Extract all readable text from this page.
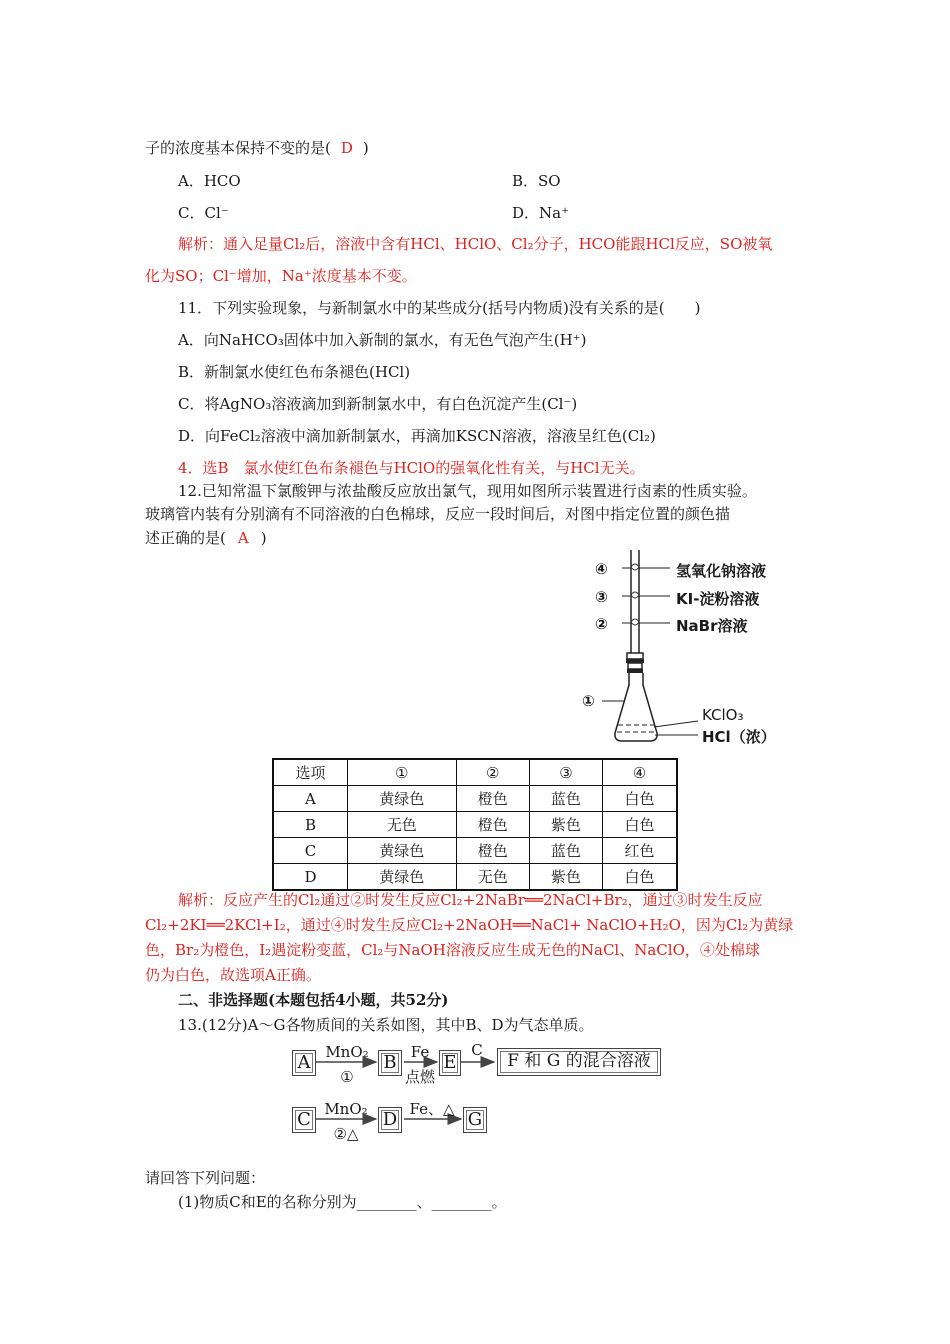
子的浓度基本保持不变的是( D )
A．HCO	B．SO
C．Cl⁻	D．Na⁺
解析：通入足量Cl₂后，溶液中含有HCl、HClO、Cl₂分子，HCO能跟HCl反应，SO被氧
化为SO；Cl⁻增加，Na⁺浓度基本不变。
11．下列实验现象，与新制氯水中的某些成分(括号内物质)没有关系的是(　　)
A．向NaHCO₃固体中加入新制的氯水，有无色气泡产生(H⁺)
B．新制氯水使红色布条褪色(HCl)
C．将AgNO₃溶液滴加到新制氯水中，有白色沉淀产生(Cl⁻)
D．向FeCl₂溶液中滴加新制氯水，再滴加KSCN溶液，溶液呈红色(Cl₂)
4．选B　氯水使红色布条褪色与HClO的强氧化性有关，与HCl无关。
12.已知常温下氯酸钾与浓盐酸反应放出氯气，现用如图所示装置进行卤素的性质实验。
玻璃管内装有分别滴有不同溶液的白色棉球，反应一段时间后，对图中指定位置的颜色描
述正确的是( A )
④	氢氧化钠溶液
③	KI-淀粉溶液
②	NaBr溶液
①
KClO₃
HCl（浓）
选项	①	②	③	④
A	黄绿色	橙色	蓝色	白色
B	无色	橙色	紫色	白色
C	黄绿色	橙色	蓝色	红色
D	黄绿色	无色	紫色	白色
解析：反应产生的Cl₂通过②时发生反应Cl₂+2NaBr══2NaCl+Br₂，通过③时发生反应
Cl₂+2KI══2KCl+I₂，通过④时发生反应Cl₂+2NaOH══NaCl+ NaClO+H₂O，因为Cl₂为黄绿
色，Br₂为橙色，I₂遇淀粉变蓝，Cl₂与NaOH溶液反应生成无色的NaCl、NaClO，④处棉球
仍为白色，故选项A正确。
二、非选择题(本题包括4小题，共52分)
13.(12分)A～G各物质间的关系如图，其中B、D为气态单质。
A	B	E	F 和 G 的混合溶液
C	D	G
MnO₂
①
Fe
点燃
C
MnO₂
②△
Fe、△
请回答下列问题：
(1)物质C和E的名称分别为________、________。
